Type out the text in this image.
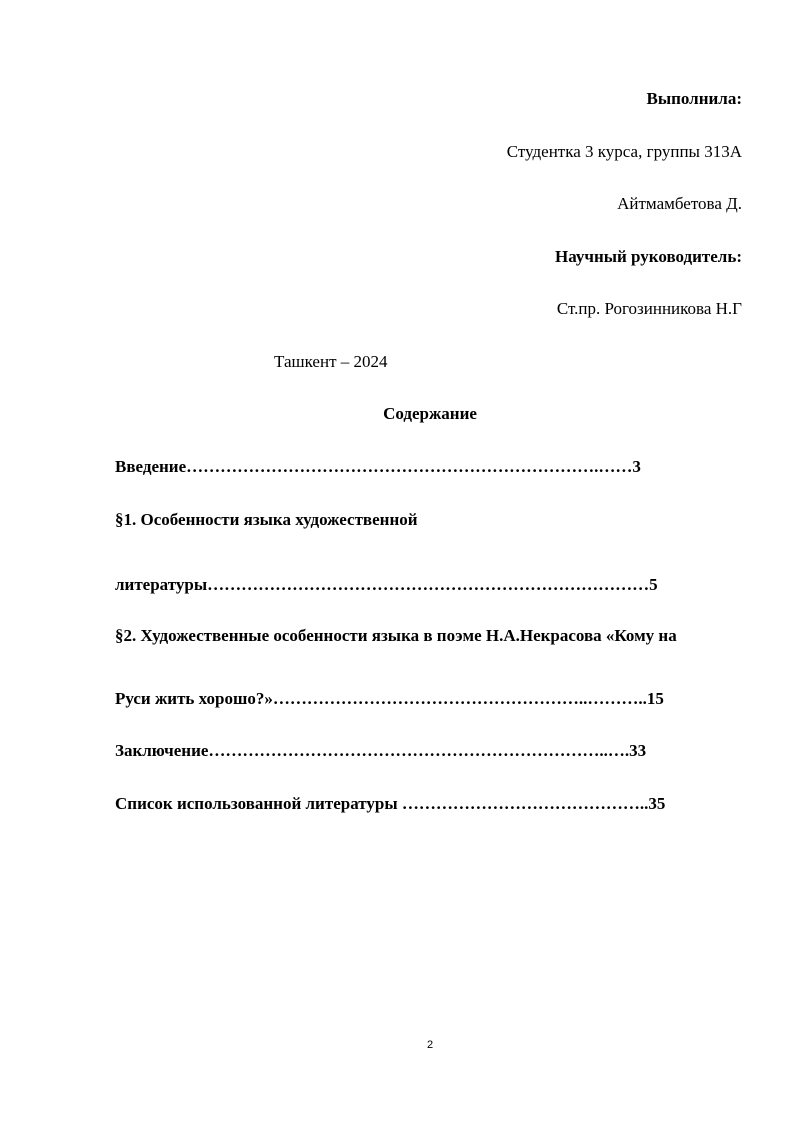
Выполнила:
Студентка 3 курса, группы 313А
Айтмамбетова Д.
Научный руководитель:
Ст.пр. Рогозинникова Н.Г
Ташкент – 2024
Содержание
Введение……………………………………………………………….……3
§1. Особенности языка художественной
литературы……………………………………………………………………5
§2. Художественные особенности языка в поэме Н.А.Некрасова «Кому на
Руси жить хорошо?»………………………………………………..………..15
Заключение……………………………………………………………..….33
Список использованной литературы ……………………………………..35
2
